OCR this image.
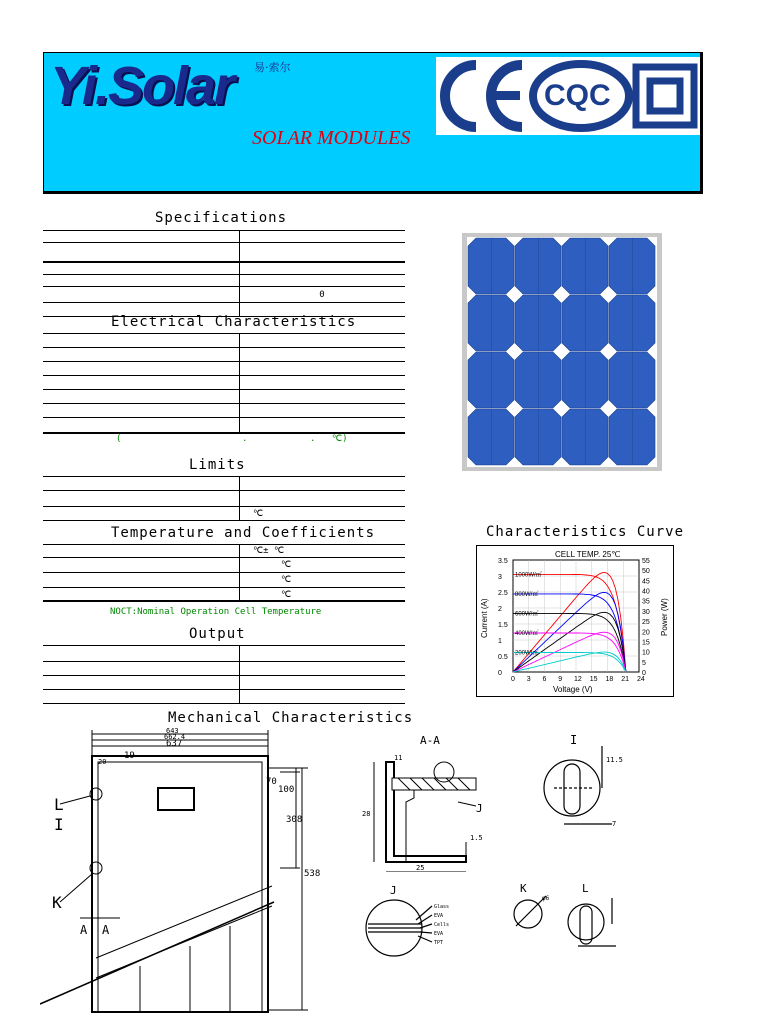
Yi.Solar 易·索尔
SOLAR MODULES
CQC
Specifications
0
Electrical Characteristics
(	.	. ℃)
Limits
℃
Temperature and Coefficients
℃± ℃
℃
℃
℃
NOCT:Nominal Operation Cell Temperature
Output
Characteristics Curve
CELL TEMP. 25℃
0 3 6 9 12 15 18 21 24
0
0.5
1
1.5
2
2.5
3
3.5
0
5
10
15
20
25
30
35
40
45
50
55
Voltage (V)
Current (A)	Power (W)
1000W/㎡
800W/㎡
600W/㎡
400W/㎡
200W/㎡
Mechanical Characteristics
643
662.4
637
19
20
70
100
308
538
L
I
K
A A
A-A
11
28
25
1.5
J
I
11.5
7
J
Glass
EVA
Cells
EVA
TPT
K
φ6
L
